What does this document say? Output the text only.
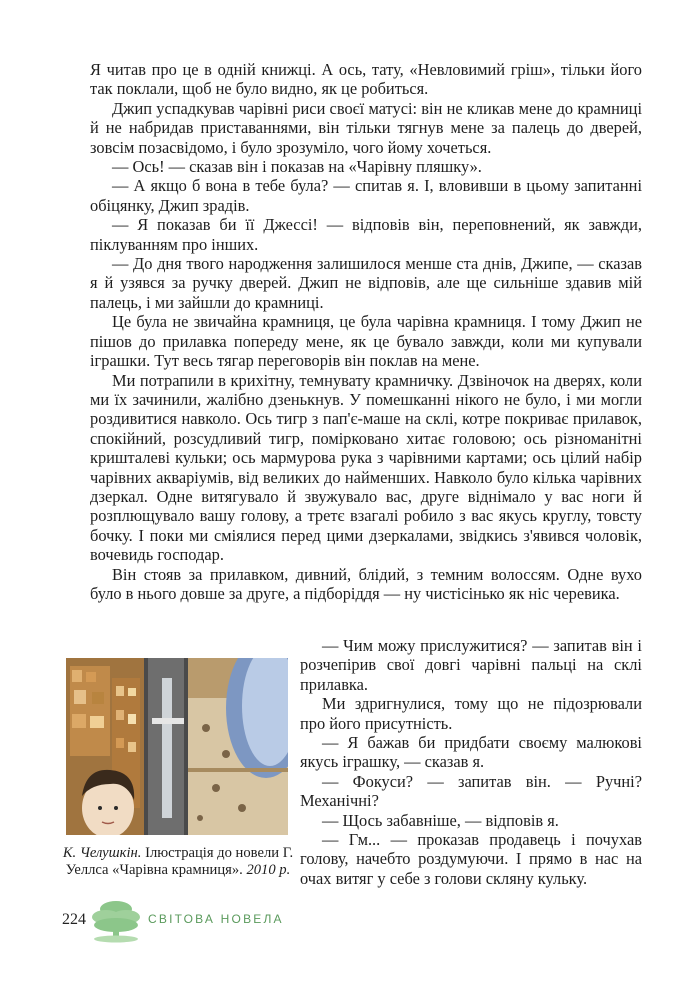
Я читав про це в одній книжці. А ось, тату, «Невловимий гріш», тільки його так поклали, щоб не було видно, як це робиться.

Джип успадкував чарівні риси своєї матусі: він не кликав мене до крамниці й не набридав приставаннями, він тільки тягнув мене за палець до дверей, зовсім позасвідомо, і було зрозуміло, чого йому хочеться.

— Ось! — сказав він і показав на «Чарівну пляшку».

— А якщо б вона в тебе була? — спитав я. І, вловивши в цьому запитанні обіцянку, Джип зрадів.

— Я показав би її Джессі! — відповів він, переповнений, як завжди, піклуванням про інших.

— До дня твого народження залишилося менше ста днів, Джипе, — сказав я й узявся за ручку дверей. Джип не відповів, але ще сильніше здавив мій палець, і ми зайшли до крамниці.

Це була не звичайна крамниця, це була чарівна крамниця. І тому Джип не пішов до прилавка попереду мене, як це бувало завжди, коли ми купували іграшки. Тут весь тягар переговорів він поклав на мене.

Ми потрапили в крихітну, темнувату крамничку. Дзвіночок на дверях, коли ми їх зачинили, жалібно дзенькнув. У помешканні нікого не було, і ми могли роздивитися навколо. Ось тигр з пап'є-маше на склі, котре покриває прилавок, спокійний, розсудливий тигр, помірковано хитає головою; ось різноманітні кришталеві кульки; ось мармурова рука з чарівними картами; ось цілий набір чарівних акваріумів, від великих до найменших. Навколо було кілька чарівних дзеркал. Одне витягувало й звужувало вас, друге віднімало у вас ноги й розплющувало вашу голову, а третє взагалі робило з вас якусь круглу, товсту бочку. І поки ми сміялися перед цими дзеркалами, звідкись з'явився чоловік, вочевидь господар.

Він стояв за прилавком, дивний, блідий, з темним волоссям. Одне вухо було в нього довше за друге, а підборіддя — ну чистісінько як ніс черевика.

К. Челушкін. Ілюстрація до новели Г. Уеллса «Чарівна крамниця». 2010 р.

— Чим можу прислужитися? — запитав він і розчепірив свої довгі чарівні пальці на склі прилавка.

Ми здригнулися, тому що не підозрювали про його присутність.

— Я бажав би придбати своєму малюкові якусь іграшку, — сказав я.

— Фокуси? — запитав він. — Ручні? Механічні?

— Щось забавніше, — відповів я.

— Гм... — проказав продавець і почухав голову, начебто роздумуючи. І прямо в нас на очах витяг у себе з голови скляну кульку.

224	СВІТОВА НОВЕЛА
